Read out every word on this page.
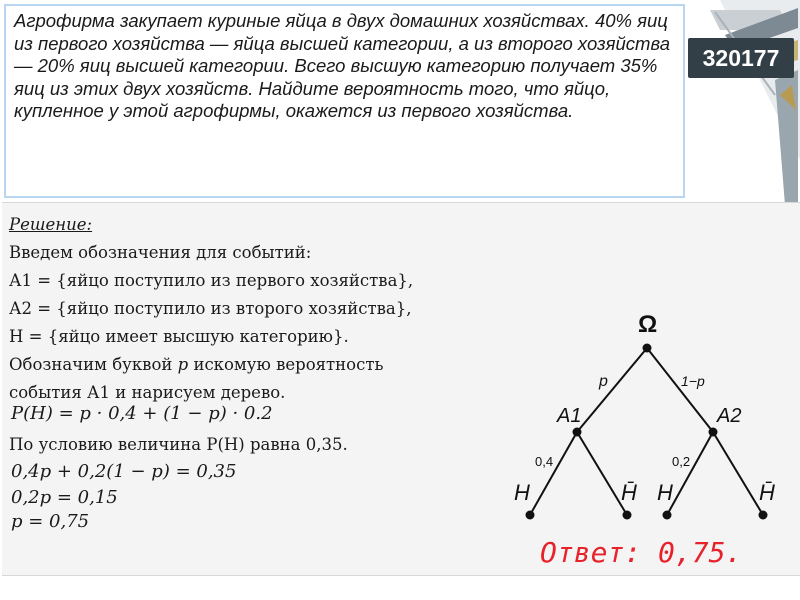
Агрофирма закупает куриные яйца в двух домашних хозяйствах. 40% яиц из первого хозяйства — яйца высшей категории, а из второго хозяйства — 20% яиц высшей категории. Всего высшую категорию получает 35% яиц из этих двух хозяйств. Найдите вероятность того, что яйцо, купленное у этой агрофирмы, окажется из первого хозяйства.

320177

Решение:

Введем обозначения для событий:

А1 = {яйцо поступило из первого хозяйства},

А2 = {яйцо поступило из второго хозяйства},

Н = {яйцо имеет высшую категорию}.

Обозначим буквой р искомую вероятность

события А1 и нарисуем дерево.

P(H) = p · 0,4 + (1 − p) · 0.2

По условию величина Р(Н) равна 0,35.

0,4p + 0,2(1 − p) = 0,35
0,2p = 0,15
p = 0,75
Ω
p	1−p
A1	A2
0,4	0,2
H	H̄ H	H̄
Ответ: 0,75.
